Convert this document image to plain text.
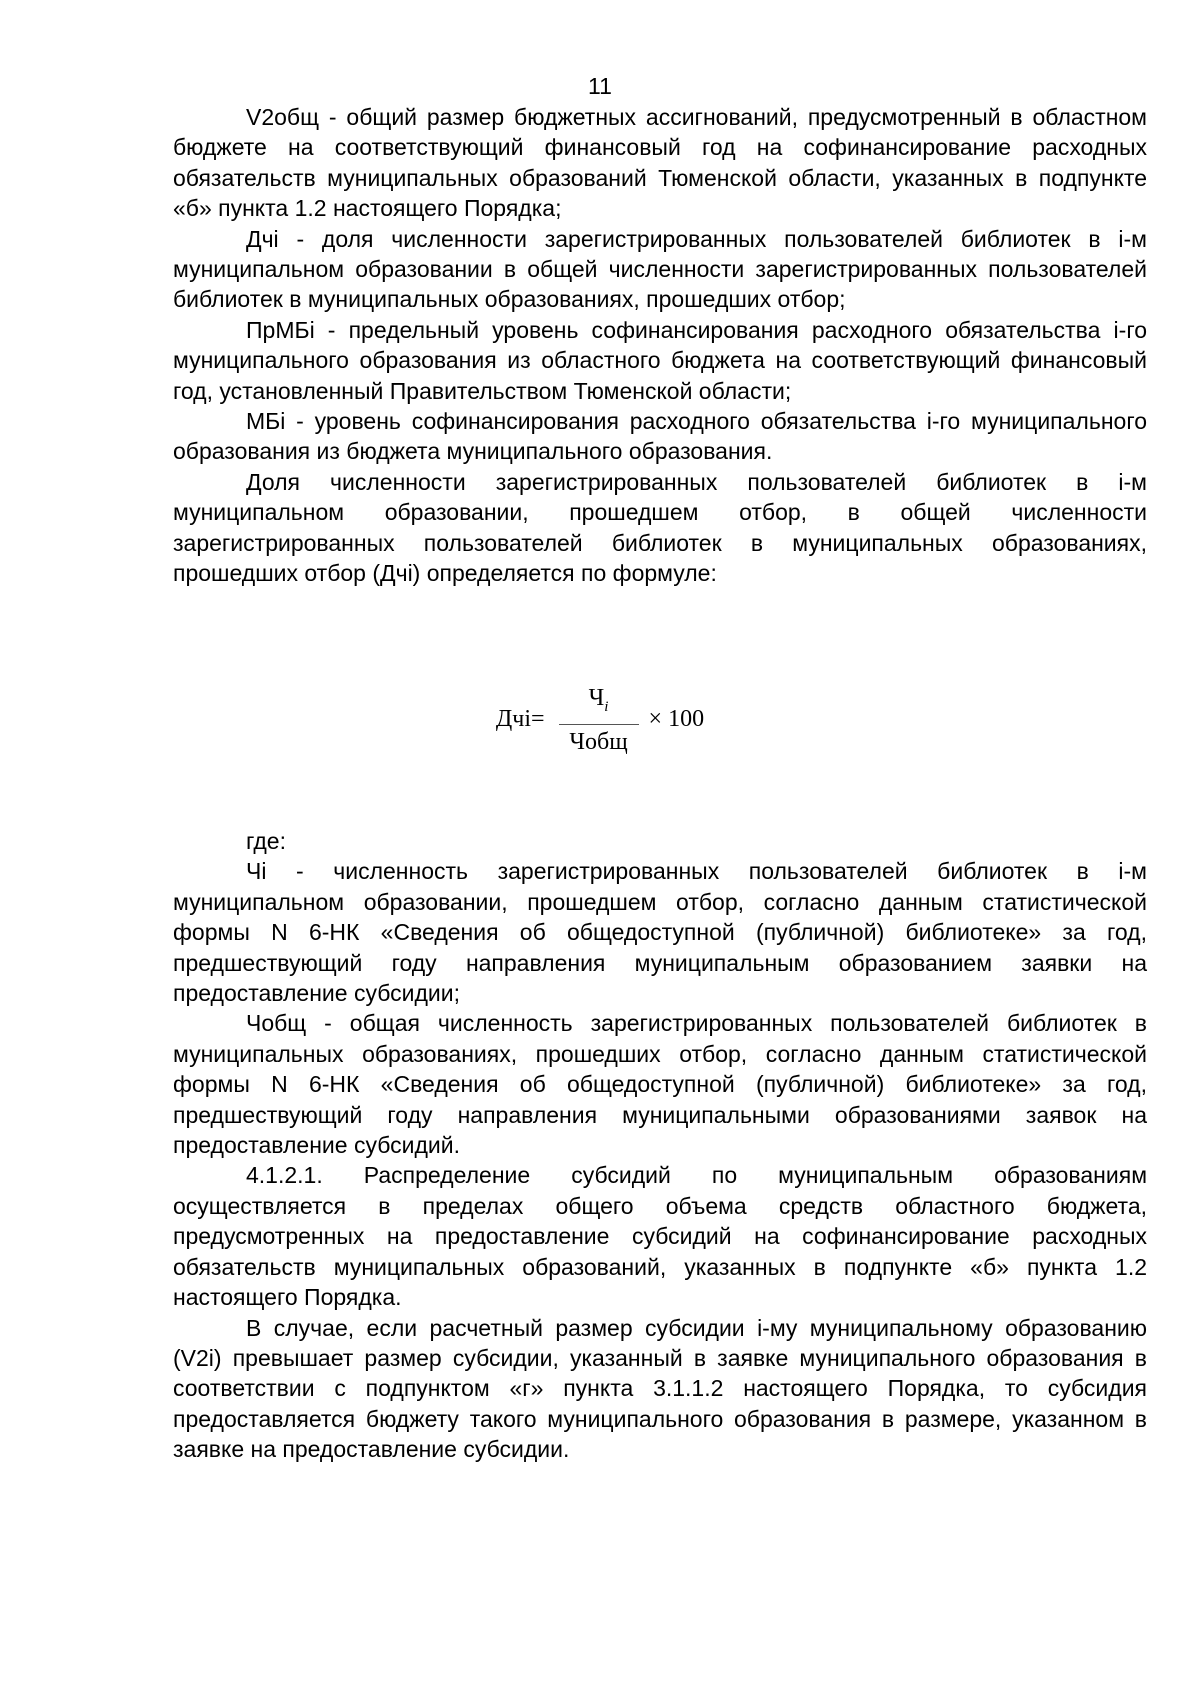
11

V2общ - общий размер бюджетных ассигнований, предусмотренный в областном бюджете на соответствующий финансовый год на софинансирование расходных обязательств муниципальных образований Тюменской области, указанных в подпункте «б» пункта 1.2 настоящего Порядка;

Дчi - доля численности зарегистрированных пользователей библиотек в i-м муниципальном образовании в общей численности зарегистрированных пользователей библиотек в муниципальных образованиях, прошедших отбор;

ПрМБi - предельный уровень софинансирования расходного обязательства i-го муниципального образования из областного бюджета на соответствующий финансовый год, установленный Правительством Тюменской области;

МБi - уровень софинансирования расходного обязательства i-го муниципального образования из бюджета муниципального образования.

Доля численности зарегистрированных пользователей библиотек в i-м муниципальном образовании, прошедшем отбор, в общей численности зарегистрированных пользователей библиотек в муниципальных образованиях, прошедших отбор (Дчi) определяется по формуле:

$Дчi= \frac{Ч_i}{\text{Чобщ}} \times 100$

где:

Чi - численность зарегистрированных пользователей библиотек в i-м муниципальном образовании, прошедшем отбор, согласно данным статистической формы N 6-НК «Сведения об общедоступной (публичной) библиотеке» за год, предшествующий году направления муниципальным образованием заявки на предоставление субсидии;

Чобщ - общая численность зарегистрированных пользователей библиотек в муниципальных образованиях, прошедших отбор, согласно данным статистической формы N 6-НК «Сведения об общедоступной (публичной) библиотеке» за год, предшествующий году направления муниципальными образованиями заявок на предоставление субсидий.

4.1.2.1. Распределение субсидий по муниципальным образованиям осуществляется в пределах общего объема средств областного бюджета, предусмотренных на предоставление субсидий на софинансирование расходных обязательств муниципальных образований, указанных в подпункте «б» пункта 1.2 настоящего Порядка.

В случае, если расчетный размер субсидии i-му муниципальному образованию (V2i) превышает размер субсидии, указанный в заявке муниципального образования в соответствии с подпунктом «г» пункта 3.1.1.2 настоящего Порядка, то субсидия предоставляется бюджету такого муниципального образования в размере, указанном в заявке на предоставление субсидии.
